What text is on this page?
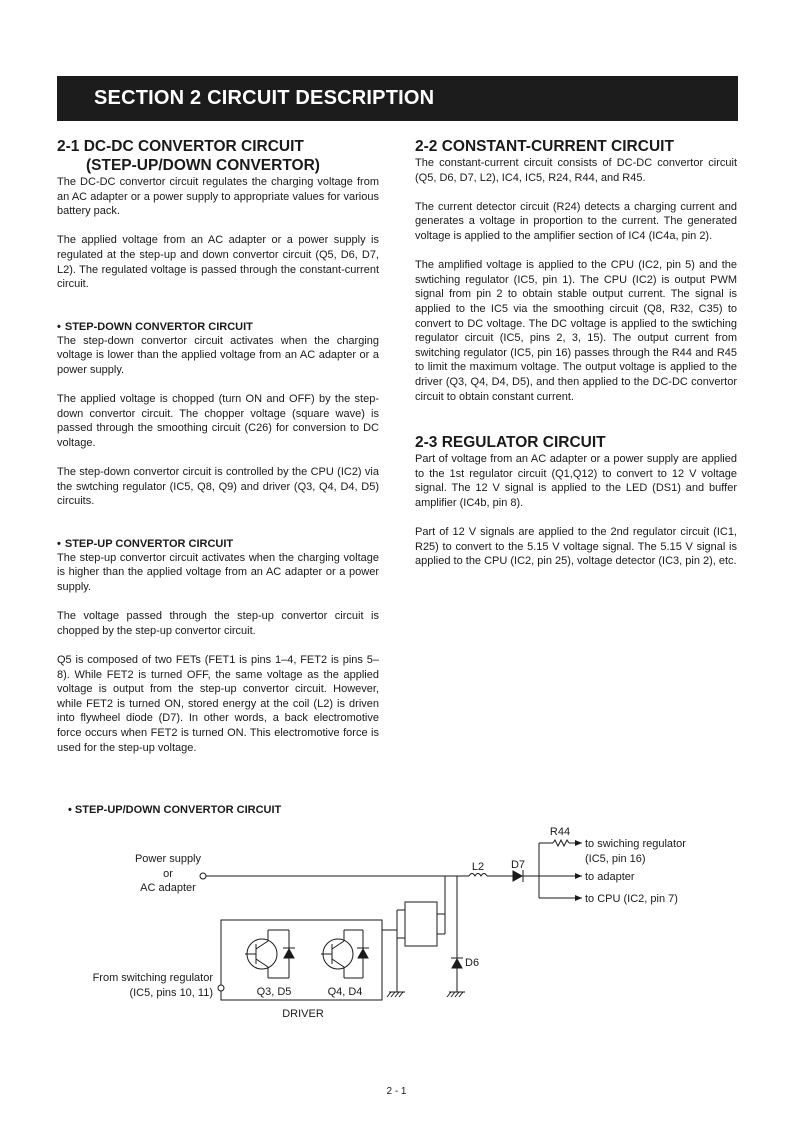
SECTION 2 CIRCUIT DESCRIPTION
2-1 DC-DC CONVERTOR CIRCUIT
(STEP-UP/DOWN CONVERTOR)

The DC-DC convertor circuit regulates the charging voltage from an AC adapter or a power supply to appropriate values for various battery pack.

The applied voltage from an AC adapter or a power supply is regulated at the step-up and down convertor circuit (Q5, D6, D7, L2). The regulated voltage is passed through the constant-current circuit.

• STEP-DOWN CONVERTOR CIRCUIT

The step-down convertor circuit activates when the charging voltage is lower than the applied voltage from an AC adapter or a power supply.

The applied voltage is chopped (turn ON and OFF) by the step-down convertor circuit. The chopper voltage (square wave) is passed through the smoothing circuit (C26) for conversion to DC voltage.

The step-down convertor circuit is controlled by the CPU (IC2) via the swtching regulator (IC5, Q8, Q9) and driver (Q3, Q4, D4, D5) circuits.

• STEP-UP CONVERTOR CIRCUIT

The step-up convertor circuit activates when the charging voltage is higher than the applied voltage from an AC adapter or a power supply.

The voltage passed through the step-up convertor circuit is chopped by the step-up convertor circuit.

Q5 is composed of two FETs (FET1 is pins 1–4, FET2 is pins 5–8). While FET2 is turned OFF, the same voltage as the applied voltage is output from the step-up convertor circuit. However, while FET2 is turned ON, stored energy at the coil (L2) is driven into flywheel diode (D7). In other words, a back electromotive force occurs when FET2 is turned ON. This electromotive force is used for the step-up voltage.

2-2 CONSTANT-CURRENT CIRCUIT

The constant-current circuit consists of DC-DC convertor circuit (Q5, D6, D7, L2), IC4, IC5, R24, R44, and R45.

The current detector circuit (R24) detects a charging current and generates a voltage in proportion to the current. The generated voltage is applied to the amplifier section of IC4 (IC4a, pin 2).

The amplified voltage is applied to the CPU (IC2, pin 5) and the swtiching regulator (IC5, pin 1). The CPU (IC2) is output PWM signal from pin 2 to obtain stable output current. The signal is applied to the IC5 via the smoothing circuit (Q8, R32, C35) to convert to DC voltage. The DC voltage is applied to the swtiching regulator circuit (IC5, pins 2, 3, 15). The output current from switching regulator (IC5, pin 16) passes through the R44 and R45 to limit the maximum voltage. The output voltage is applied to the driver (Q3, Q4, D4, D5), and then applied to the DC-DC convertor circuit to obtain constant current.

2-3 REGULATOR CIRCUIT

Part of voltage from an AC adapter or a power supply are applied to the 1st regulator circuit (Q1,Q12) to convert to 12 V voltage signal. The 12 V signal is applied to the LED (DS1) and buffer amplifier (IC4b, pin 8).

Part of 12 V signals are applied to the 2nd regulator circuit (IC1, R25) to convert to the 5.15 V voltage signal. The 5.15 V signal is applied to the CPU (IC2, pin 25), voltage detector (IC3, pin 2), etc.

• STEP-UP/DOWN CONVERTOR CIRCUIT
Power supply
or
AC adapter
From switching regulator
(IC5, pins 10, 11)	Q3, D5	Q4, D4
DRIVER
L2 D7
D6
R44
to swiching regulator
(IC5, pin 16)
to adapter
to CPU (IC2, pin 7)
2 - 1
